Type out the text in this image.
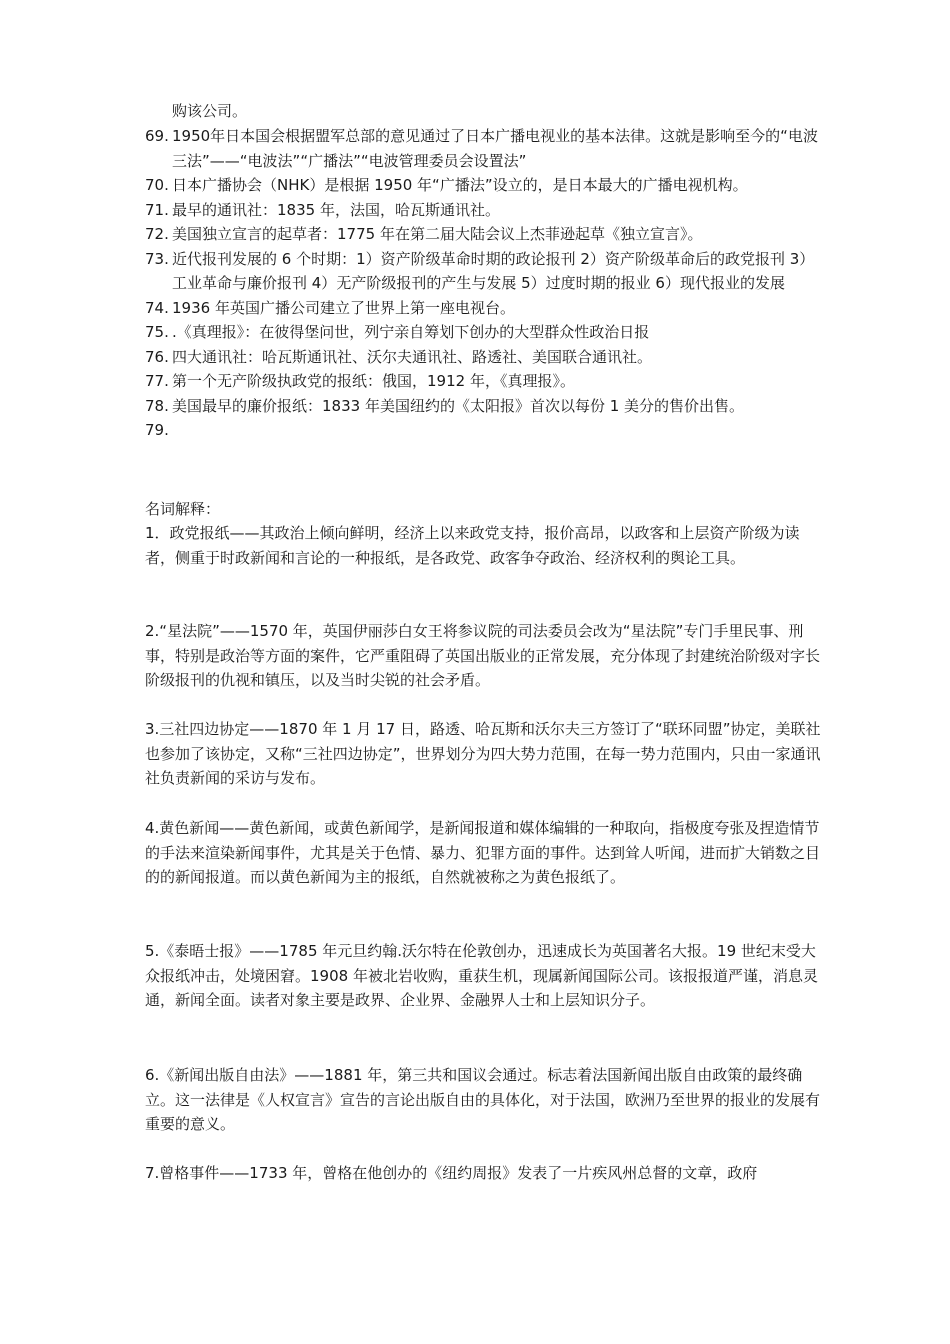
购该公司。
69. 1950年日本国会根据盟军总部的意见通过了日本广播电视业的基本法律。这就是影响至今的“电波三法”——“电波法”“广播法”“电波管理委员会设置法”
70. 日本广播协会（NHK）是根据 1950 年“广播法”设立的，是日本最大的广播电视机构。
71. 最早的通讯社：1835 年，法国，哈瓦斯通讯社。
72. 美国独立宣言的起草者：1775 年在第二届大陆会议上杰菲逊起草《独立宣言》。
73. 近代报刊发展的 6 个时期：1）资产阶级革命时期的政论报刊 2）资产阶级革命后的政党报刊 3）工业革命与廉价报刊 4）无产阶级报刊的产生与发展 5）过度时期的报业 6）现代报业的发展
74. 1936 年英国广播公司建立了世界上第一座电视台。
75. .《真理报》：在彼得堡问世，列宁亲自筹划下创办的大型群众性政治日报
76. 四大通讯社：哈瓦斯通讯社、沃尔夫通讯社、路透社、美国联合通讯社。
77. 第一个无产阶级执政党的报纸：俄国，1912 年，《真理报》。
78. 美国最早的廉价报纸：1833 年美国纽约的《太阳报》首次以每份 1 美分的售价出售。
79.
名词解释：
1．政党报纸——其政治上倾向鲜明，经济上以来政党支持，报价高昂，以政客和上层资产阶级为读者，侧重于时政新闻和言论的一种报纸，是各政党、政客争夺政治、经济权利的舆论工具。
2.“星法院”——1570 年，英国伊丽莎白女王将参议院的司法委员会改为“星法院”专门手里民事、刑事，特别是政治等方面的案件，它严重阻碍了英国出版业的正常发展，充分体现了封建统治阶级对字长阶级报刊的仇视和镇压，以及当时尖锐的社会矛盾。
3.三社四边协定——1870 年 1 月 17 日，路透、哈瓦斯和沃尔夫三方签订了“联环同盟”协定，美联社也参加了该协定，又称“三社四边协定”，世界划分为四大势力范围，在每一势力范围内，只由一家通讯社负责新闻的采访与发布。
4.黄色新闻——黄色新闻，或黄色新闻学，是新闻报道和媒体编辑的一种取向，指极度夸张及捏造情节的手法来渲染新闻事件，尤其是关于色情、暴力、犯罪方面的事件。达到耸人听闻，进而扩大销数之目的的新闻报道。而以黄色新闻为主的报纸，自然就被称之为黄色报纸了。
5.《泰晤士报》——1785 年元旦约翰.沃尔特在伦敦创办，迅速成长为英国著名大报。19 世纪末受大众报纸冲击，处境困窘。1908 年被北岩收购，重获生机，现属新闻国际公司。该报报道严谨，消息灵通，新闻全面。读者对象主要是政界、企业界、金融界人士和上层知识分子。
6.《新闻出版自由法》——1881 年，第三共和国议会通过。标志着法国新闻出版自由政策的最终确立。这一法律是《人权宣言》宣告的言论出版自由的具体化，对于法国，欧洲乃至世界的报业的发展有重要的意义。
7.曾格事件——1733 年，曾格在他创办的《纽约周报》发表了一片疾风州总督的文章，政府
